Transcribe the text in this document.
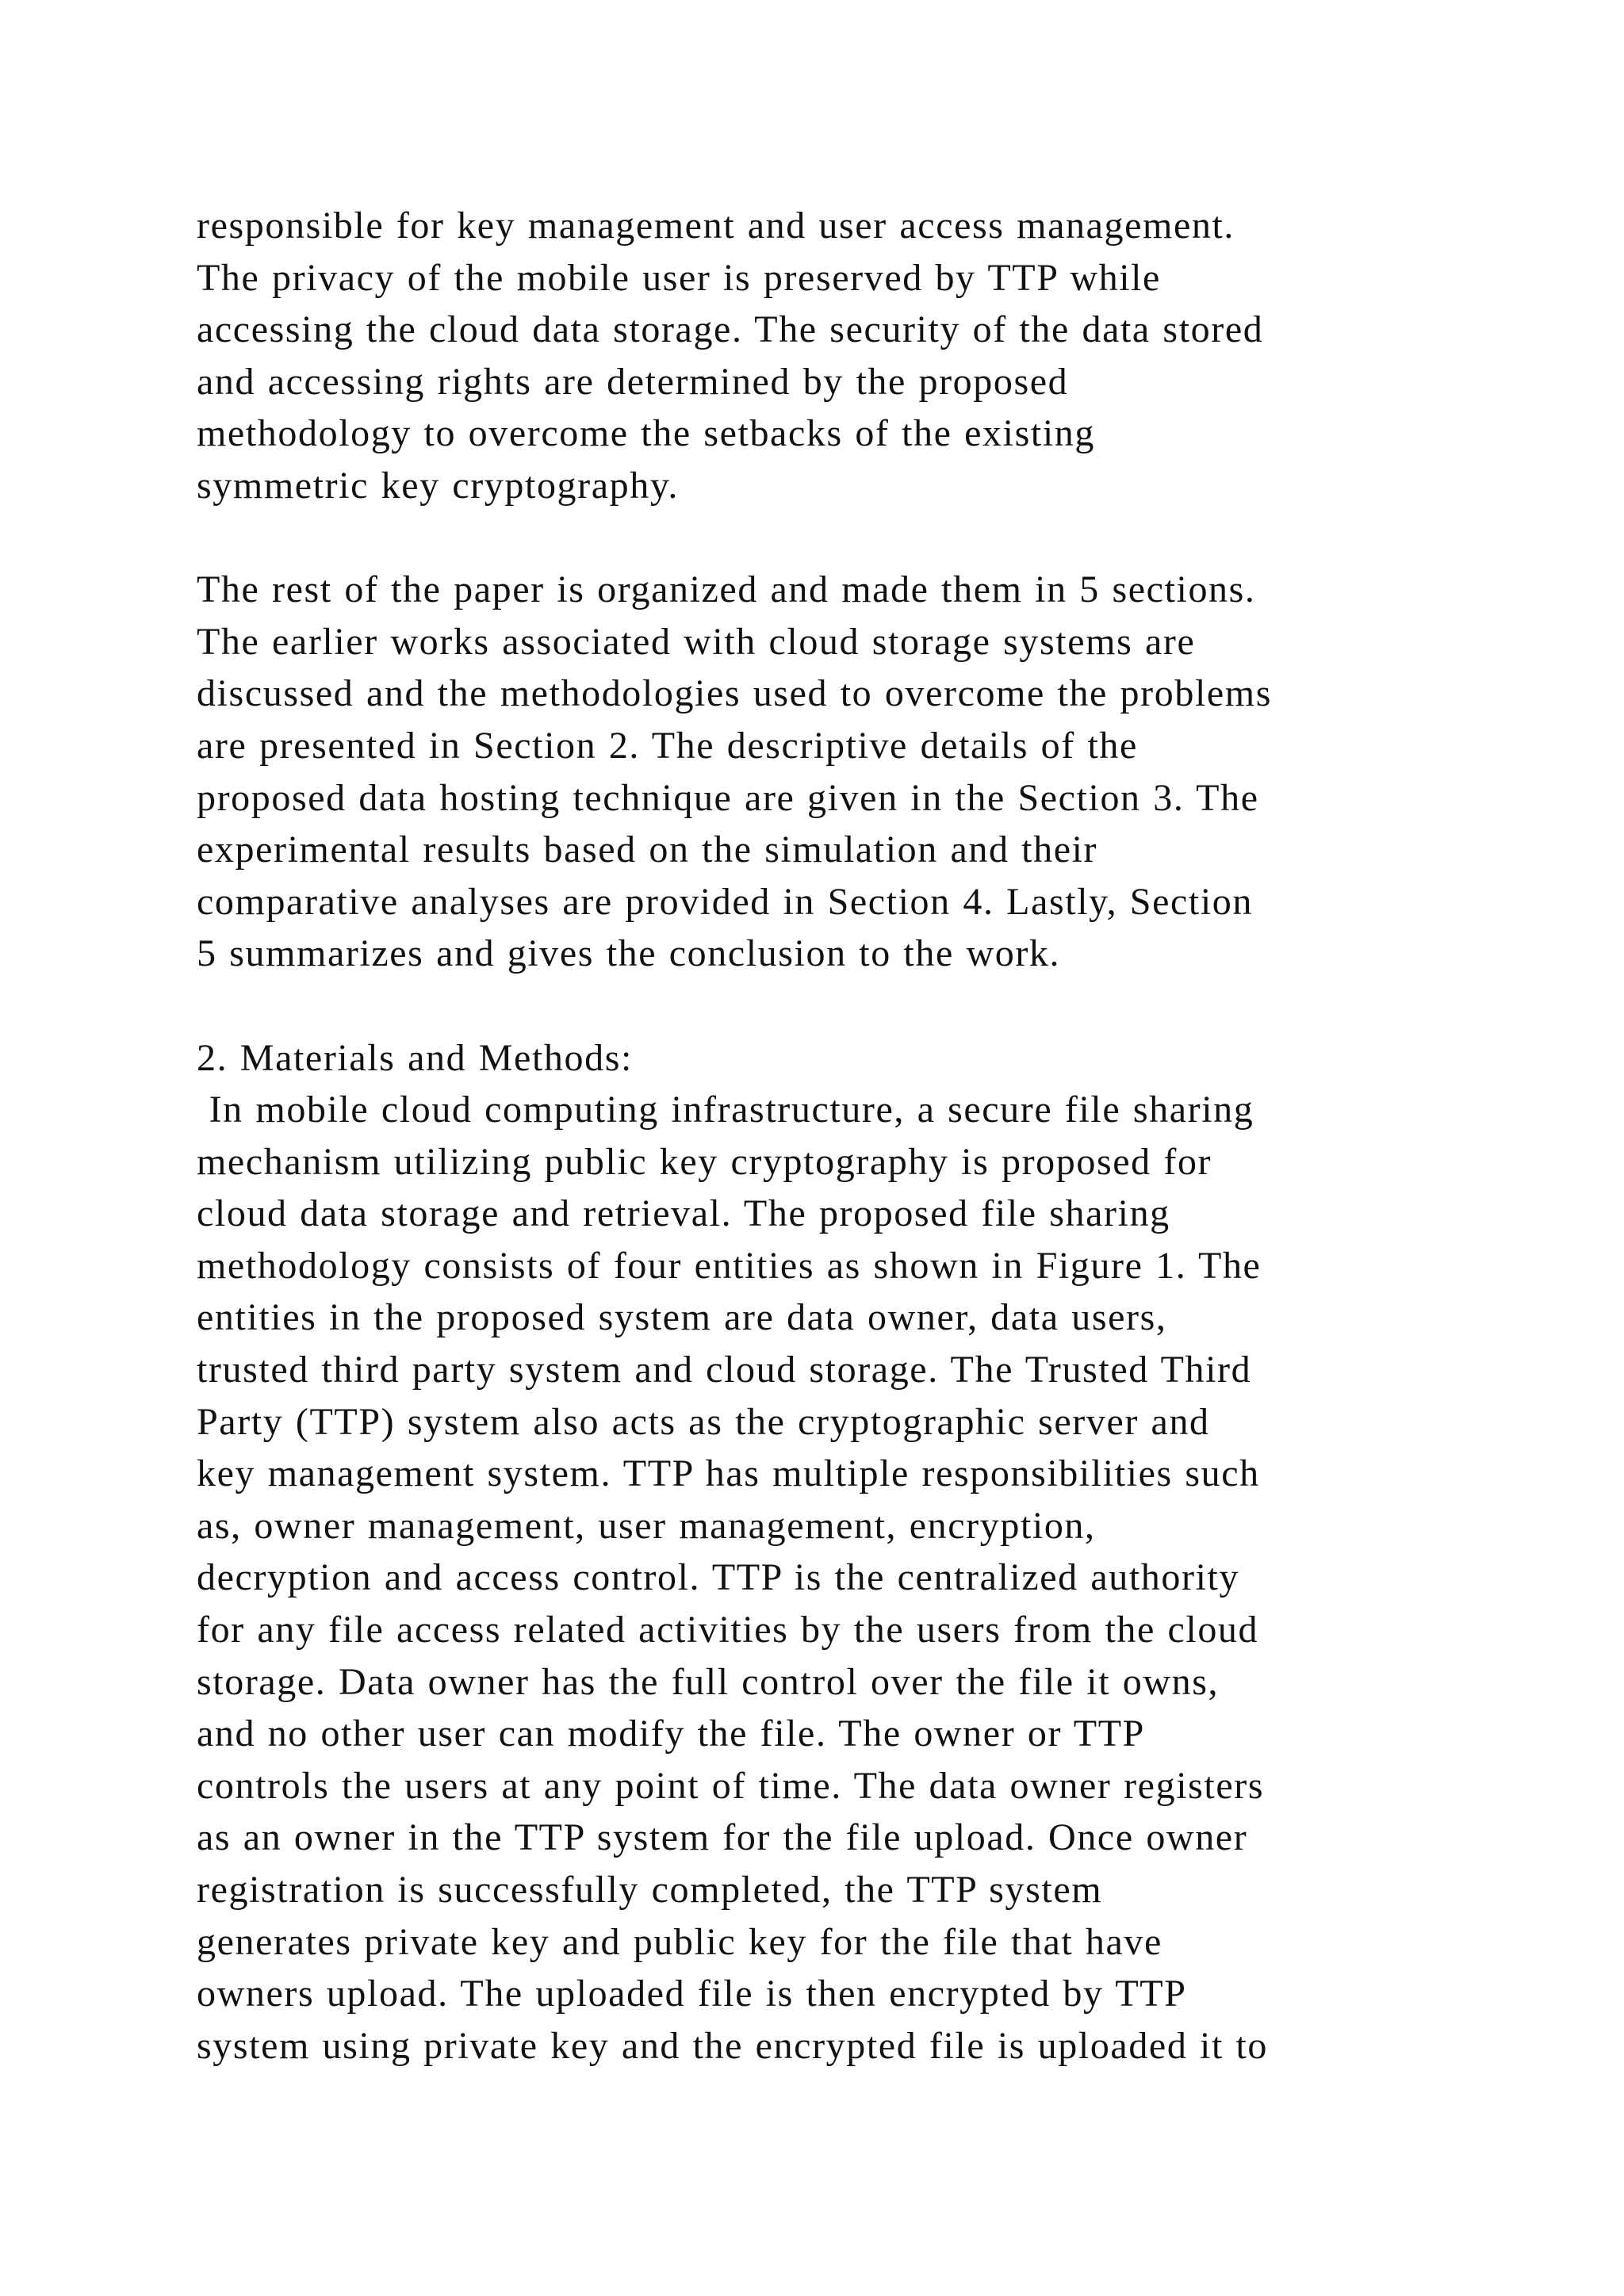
responsible for key management and user access management.
The privacy of the mobile user is preserved by TTP while
accessing the cloud data storage. The security of the data stored
and accessing rights are determined by the proposed
methodology to overcome the setbacks of the existing
symmetric key cryptography.
The rest of the paper is organized and made them in 5 sections.
The earlier works associated with cloud storage systems are
discussed and the methodologies used to overcome the problems
are presented in Section 2. The descriptive details of the
proposed data hosting technique are given in the Section 3. The
experimental results based on the simulation and their
comparative analyses are provided in Section 4. Lastly, Section
5 summarizes and gives the conclusion to the work.
2. Materials and Methods:
In mobile cloud computing infrastructure, a secure file sharing
mechanism utilizing public key cryptography is proposed for
cloud data storage and retrieval. The proposed file sharing
methodology consists of four entities as shown in Figure 1. The
entities in the proposed system are data owner, data users,
trusted third party system and cloud storage. The Trusted Third
Party (TTP) system also acts as the cryptographic server and
key management system. TTP has multiple responsibilities such
as, owner management, user management, encryption,
decryption and access control. TTP is the centralized authority
for any file access related activities by the users from the cloud
storage. Data owner has the full control over the file it owns,
and no other user can modify the file. The owner or TTP
controls the users at any point of time. The data owner registers
as an owner in the TTP system for the file upload. Once owner
registration is successfully completed, the TTP system
generates private key and public key for the file that have
owners upload. The uploaded file is then encrypted by TTP
system using private key and the encrypted file is uploaded it to
